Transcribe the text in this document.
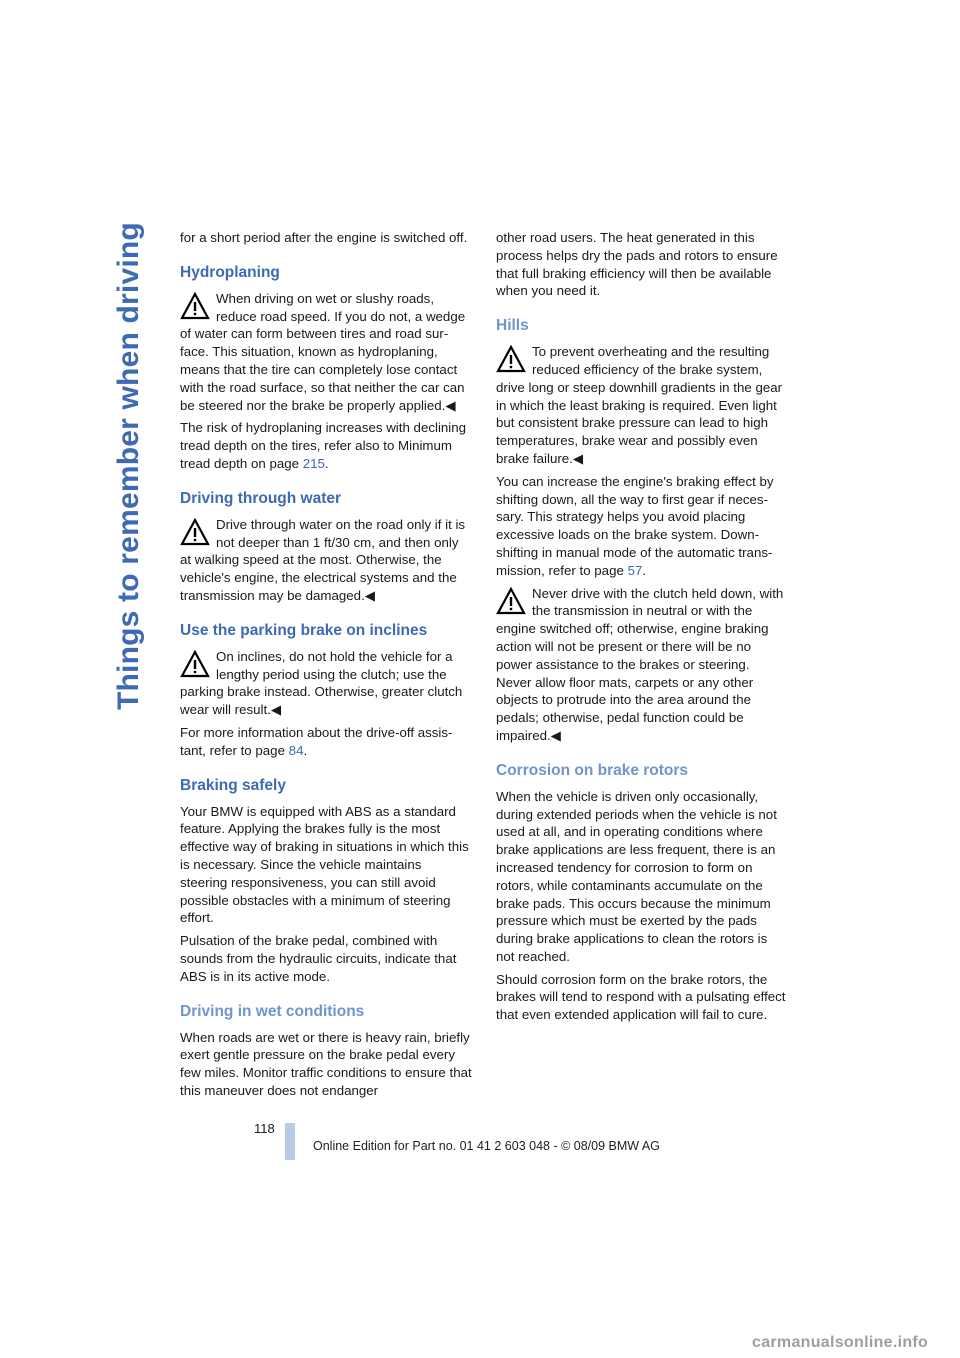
Things to remember when driving	for a short period after the engine is switched off.

Hydroplaning
When driving on wet or slushy roads, reduce road speed. If you do not, a wedge of water can form between tires and road surface. This situation, known as hydroplaning, means that the tire can completely lose contact with the road surface, so that neither the car can be steered nor the brake be properly applied.◀

The risk of hydroplaning increases with declining tread depth on the tires, refer also to Minimum tread depth on page 215.

Driving through water
Drive through water on the road only if it is not deeper than 1 ft/30 cm, and then only at walking speed at the most. Otherwise, the vehicle's engine, the electrical systems and the transmission may be damaged.◀
Use the parking brake on inclines
On inclines, do not hold the vehicle for a lengthy period using the clutch; use the parking brake instead. Otherwise, greater clutch wear will result.◀

For more information about the drive-off assistant, refer to page 84.

Braking safely

Your BMW is equipped with ABS as a standard feature. Applying the brakes fully is the most effective way of braking in situations in which this is necessary. Since the vehicle maintains steering responsiveness, you can still avoid possible obstacles with a minimum of steering effort.

Pulsation of the brake pedal, combined with sounds from the hydraulic circuits, indicate that ABS is in its active mode.

Driving in wet conditions

When roads are wet or there is heavy rain, briefly exert gentle pressure on the brake pedal every few miles. Monitor traffic conditions to ensure that this maneuver does not endanger

other road users. The heat generated in this process helps dry the pads and rotors to ensure that full braking efficiency will then be available when you need it.

Hills
To prevent overheating and the resulting reduced efficiency of the brake system, drive long or steep downhill gradients in the gear in which the least braking is required. Even light but consistent brake pressure can lead to high temperatures, brake wear and possibly even brake failure.◀

You can increase the engine's braking effect by shifting down, all the way to first gear if necessary. This strategy helps you avoid placing excessive loads on the brake system. Downshifting in manual mode of the automatic transmission, refer to page 57.

Never drive with the clutch held down, with the transmission in neutral or with the engine switched off; otherwise, engine braking action will not be present or there will be no power assistance to the brakes or steering. Never allow floor mats, carpets or any other objects to protrude into the area around the pedals; otherwise, pedal function could be impaired.◀
Corrosion on brake rotors

When the vehicle is driven only occasionally, during extended periods when the vehicle is not used at all, and in operating conditions where brake applications are less frequent, there is an increased tendency for corrosion to form on rotors, while contaminants accumulate on the brake pads. This occurs because the minimum pressure which must be exerted by the pads during brake applications to clean the rotors is not reached.

Should corrosion form on the brake rotors, the brakes will tend to respond with a pulsating effect that even extended application will fail to cure.

118
Online Edition for Part no. 01 41 2 603 048 - © 08/09 BMW AG
carmanualsonline.info
